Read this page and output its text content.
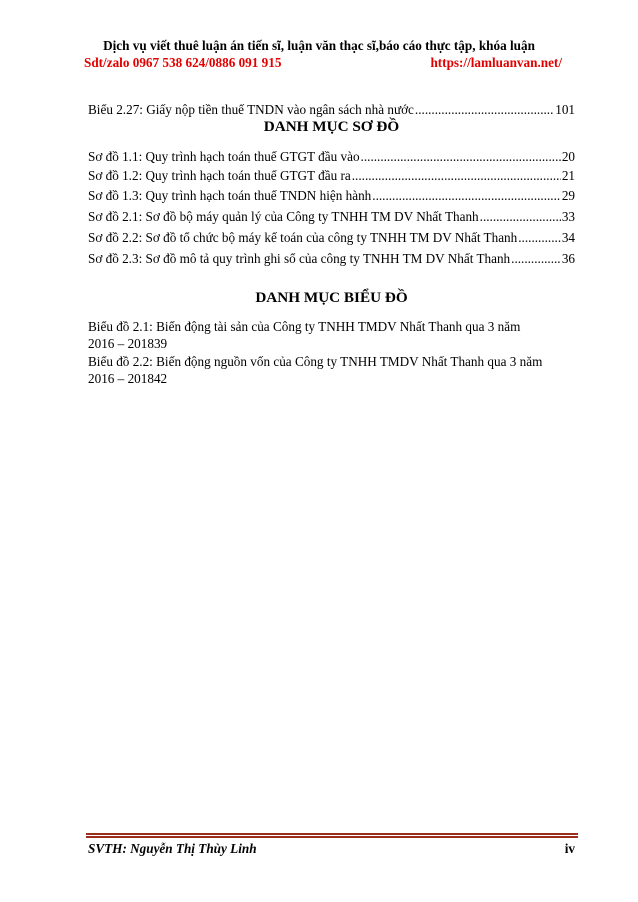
Dịch vụ viết thuê luận án tiến sĩ, luận văn thạc sĩ,báo cáo thực tập, khóa luận
Sdt/zalo 0967 538 624/0886 091 915	https://lamluanvan.net/
Biểu 2.27: Giấy nộp tiền thuế TNDN vào ngân sách nhà nước .....	101
DANH MỤC SƠ ĐỒ
Sơ đồ 1.1: Quy trình hạch toán thuế GTGT đầu vào .....	20
Sơ đồ 1.2: Quy trình hạch toán thuế GTGT đầu ra .....	21
Sơ đồ 1.3: Quy trình hạch toán thuế TNDN hiện hành .....	29
Sơ đồ 2.1: Sơ đồ bộ máy quản lý của Công ty TNHH TM DV Nhất Thanh .....	33
Sơ đồ 2.2: Sơ đồ tổ chức bộ máy kế toán của công ty TNHH TM DV Nhất Thanh .....	34
Sơ đồ 2.3: Sơ đồ mô tả quy trình ghi sổ của công ty TNHH TM DV Nhất Thanh .....	36
DANH MỤC BIỂU ĐỒ
Biểu đồ 2.1: Biến động tài sản của Công ty TNHH TMDV Nhất Thanh qua 3 năm
2016 – 2018 39
Biểu đồ 2.2: Biến động nguồn vốn của Công ty TNHH TMDV Nhất Thanh qua 3 năm
2016 – 2018 42
SVTH: Nguyễn Thị Thùy Linh	iv
